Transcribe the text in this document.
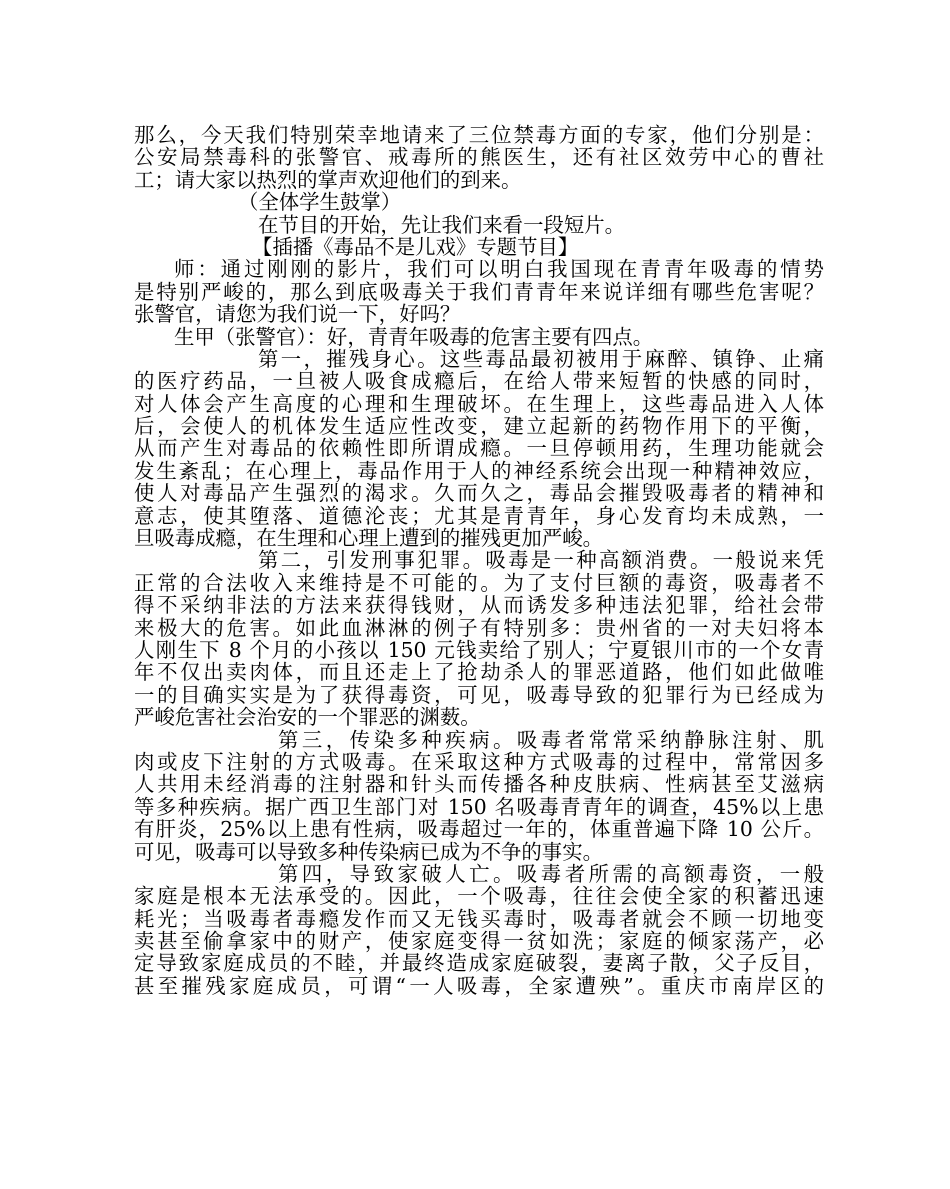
那么，今天我们特别荣幸地请来了三位禁毒方面的专家，他们分别是：
公安局禁毒科的张警官、戒毒所的熊医生，还有社区效劳中心的曹社
工；请大家以热烈的掌声欢迎他们的到来。
（全体学生鼓掌）
在节目的开始，先让我们来看一段短片。
【插播《毒品不是儿戏》专题节目】
师：通过刚刚的影片，我们可以明白我国现在青青年吸毒的情势
是特别严峻的，那么到底吸毒关于我们青青年来说详细有哪些危害呢？
张警官，请您为我们说一下，好吗？
生甲（张警官）：好，青青年吸毒的危害主要有四点。
第一，摧残身心。这些毒品最初被用于麻醉、镇铮、止痛
的医疗药品，一旦被人吸食成瘾后，在给人带来短暂的快感的同时，
对人体会产生高度的心理和生理破坏。在生理上，这些毒品进入人体
后，会使人的机体发生适应性改变，建立起新的药物作用下的平衡，
从而产生对毒品的依赖性即所谓成瘾。一旦停顿用药，生理功能就会
发生紊乱；在心理上，毒品作用于人的神经系统会出现一种精神效应，
使人对毒品产生强烈的渴求。久而久之，毒品会摧毁吸毒者的精神和
意志，使其堕落、道德沦丧；尤其是青青年，身心发育均未成熟，一
旦吸毒成瘾，在生理和心理上遭到的摧残更加严峻。
第二，引发刑事犯罪。吸毒是一种高额消费。一般说来凭
正常的合法收入来维持是不可能的。为了支付巨额的毒资，吸毒者不
得不采纳非法的方法来获得钱财，从而诱发多种违法犯罪，给社会带
来极大的危害。如此血淋淋的例子有特别多：贵州省的一对夫妇将本
人刚生下 8 个月的小孩以 150 元钱卖给了别人；宁夏银川市的一个女青
年不仅出卖肉体，而且还走上了抢劫杀人的罪恶道路，他们如此做唯
一的目确实实是为了获得毒资，可见，吸毒导致的犯罪行为已经成为
严峻危害社会治安的一个罪恶的渊薮。
第三，传染多种疾病。吸毒者常常采纳静脉注射、肌
肉或皮下注射的方式吸毒。在采取这种方式吸毒的过程中，常常因多
人共用未经消毒的注射器和针头而传播各种皮肤病、性病甚至艾滋病
等多种疾病。据广西卫生部门对 150 名吸毒青青年的调查，45%以上患
有肝炎，25%以上患有性病，吸毒超过一年的，体重普遍下降 10 公斤。
可见，吸毒可以导致多种传染病已成为不争的事实。
第四，导致家破人亡。吸毒者所需的高额毒资，一般
家庭是根本无法承受的。因此，一个吸毒，往往会使全家的积蓄迅速
耗光；当吸毒者毒瘾发作而又无钱买毒时，吸毒者就会不顾一切地变
卖甚至偷拿家中的财产，使家庭变得一贫如洗；家庭的倾家荡产，必
定导致家庭成员的不睦，并最终造成家庭破裂，妻离子散，父子反目，
甚至摧残家庭成员，可谓“一人吸毒，全家遭殃”。重庆市南岸区的
